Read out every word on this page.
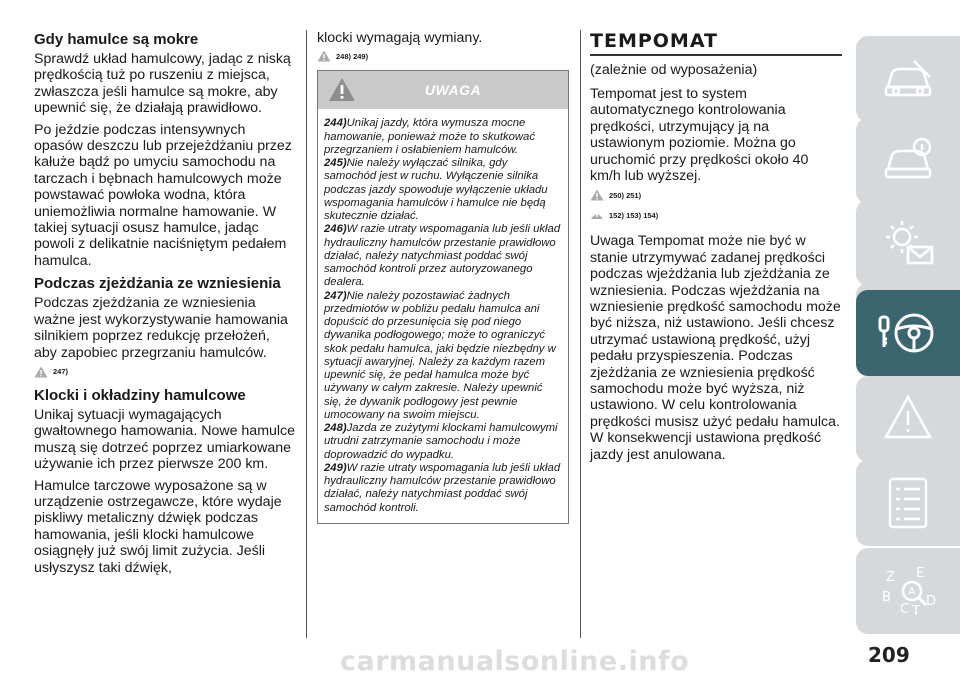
Gdy hamulce są mokre

Sprawdź układ hamulcowy, jadąc z niską prędkością tuż po ruszeniu z miejsca, zwłaszcza jeśli hamulce są mokre, aby upewnić się, że działają prawidłowo.

Po jeździe podczas intensywnych opasów deszczu lub przejeżdżaniu przez kałuże bądź po umyciu samochodu na tarczach i bębnach hamulcowych może powstawać powłoka wodna, która uniemożliwia normalne hamowanie. W takiej sytuacji osusz hamulce, jadąc powoli z delikatnie naciśniętym pedałem hamulca.

Podczas zjeżdżania ze wzniesienia

Podczas zjeżdżania ze wzniesienia ważne jest wykorzystywanie hamowania silnikiem poprzez redukcję przełożeń, aby zapobiec przegrzaniu hamulców.

247)
Klocki i okładziny hamulcowe

Unikaj sytuacji wymagających gwałtownego hamowania. Nowe hamulce muszą się dotrzeć poprzez umiarkowane używanie ich przez pierwsze 200 km.

Hamulce tarczowe wyposażone są w urządzenie ostrzegawcze, które wydaje piskliwy metaliczny dźwięk podczas hamowania, jeśli klocki hamulcowe osiągnęły już swój limit zużycia. Jeśli usłyszysz taki dźwięk,

klocki wymagają wymiany.

248) 249)
UWAGA
244)Unikaj jazdy, która wymusza mocne hamowanie, ponieważ może to skutkować przegrzaniem i osłabieniem hamulców.
245)Nie należy wyłączać silnika, gdy samochód jest w ruchu. Wyłączenie silnika podczas jazdy spowoduje wyłączenie układu wspomagania hamulców i hamulce nie będą skutecznie działać.
246)W razie utraty wspomagania lub jeśli układ hydrauliczny hamulców przestanie prawidłowo działać, należy natychmiast poddać swój samochód kontroli przez autoryzowanego dealera.
247)Nie należy pozostawiać żadnych przedmiotów w pobliżu pedału hamulca ani dopuścić do przesunięcia się pod niego dywanika podłogowego; może to ograniczyć skok pedału hamulca, jaki będzie niezbędny w sytuacji awaryjnej. Należy za każdym razem upewnić się, że pedał hamulca może być używany w całym zakresie. Należy upewnić się, że dywanik podłogowy jest pewnie umocowany na swoim miejscu.
248)Jazda ze zużytymi klockami hamulcowymi utrudni zatrzymanie samochodu i może doprowadzić do wypadku.
249)W razie utraty wspomagania lub jeśli układ hydrauliczny hamulców przestanie prawidłowo działać, należy natychmiast poddać swój samochód kontroli.
TEMPOMAT

(zależnie od wyposażenia)

Tempomat jest to system automatycznego kontrolowania prędkości, utrzymujący ją na ustawionym poziomie. Można go uruchomić przy prędkości około 40 km/h lub wyższej.

250) 251)
152) 153) 154)

Uwaga Tempomat może nie być w stanie utrzymywać zadanej prędkości podczas wjeżdżania lub zjeżdżania ze wzniesienia. Podczas wjeżdżania na wzniesienie prędkość samochodu może być niższa, niż ustawiono. Jeśli chcesz utrzymać ustawioną prędkość, użyj pedału przyspieszenia. Podczas zjeżdżania ze wzniesienia prędkość samochodu może być wyższa, niż ustawiono. W celu kontrolowania prędkości musisz użyć pedału hamulca. W konsekwencji ustawiona prędkość jazdy jest anulowana.

Z E
B
C T
D
A
carmanualsonline.info	209
